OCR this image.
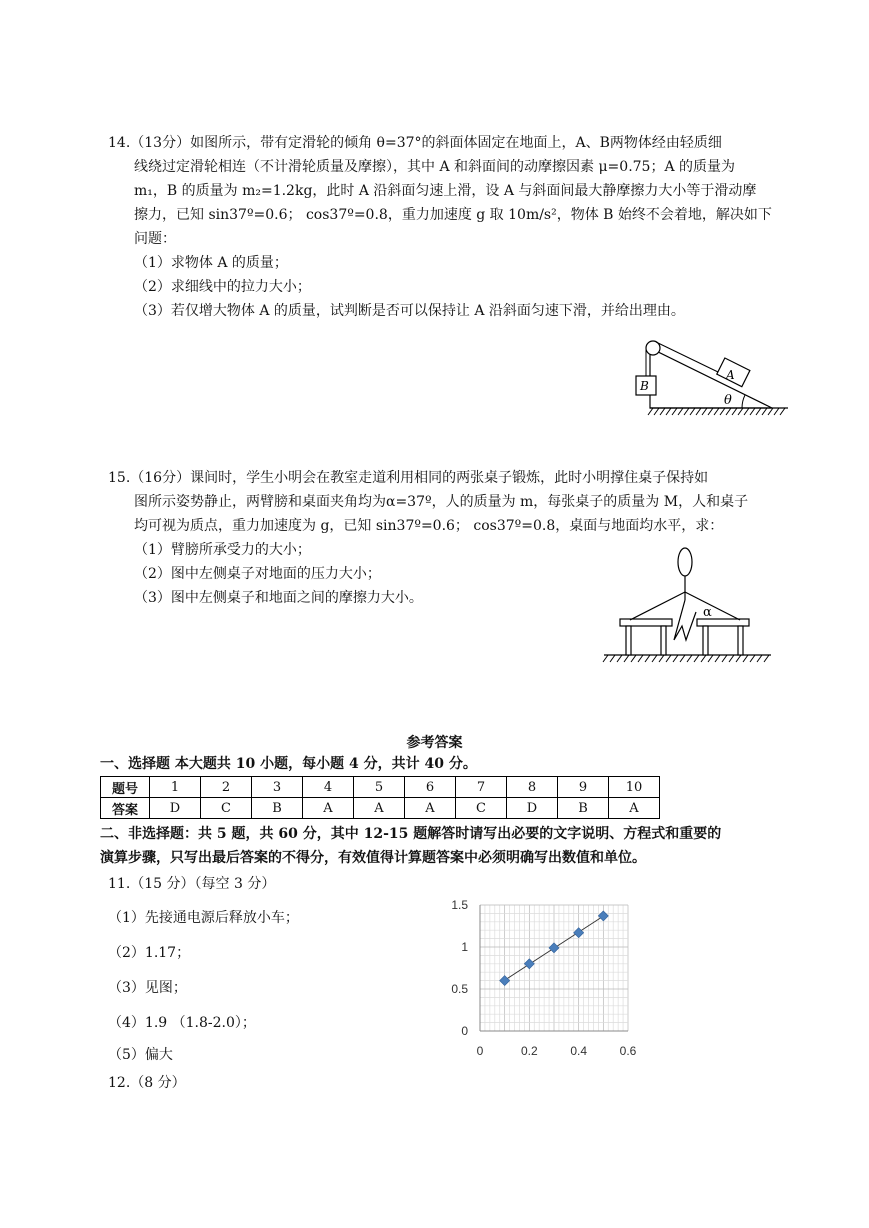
14.（13分）如图所示，带有定滑轮的倾角 θ=37°的斜面体固定在地面上，A、B两物体经由轻质细
线绕过定滑轮相连（不计滑轮质量及摩擦），其中 A 和斜面间的动摩擦因素 μ=0.75；A 的质量为
m₁，B 的质量为 m₂=1.2kg，此时 A 沿斜面匀速上滑，设 A 与斜面间最大静摩擦力大小等于滑动摩
擦力，已知 sin37º=0.6； cos37º=0.8，重力加速度 g 取 10m/s²，物体 B 始终不会着地，解决如下
问题：
（1）求物体 A 的质量；
（2）求细线中的拉力大小；
（3）若仅增大物体 A 的质量，试判断是否可以保持让 A 沿斜面匀速下滑，并给出理由。
B
A
θ
15.（16分）课间时，学生小明会在教室走道利用相同的两张桌子锻炼，此时小明撑住桌子保持如
图所示姿势静止，两臂膀和桌面夹角均为α=37º，人的质量为 m，每张桌子的质量为 M，人和桌子
均可视为质点，重力加速度为 g，已知 sin37º=0.6； cos37º=0.8，桌面与地面均水平，求：
（1）臂膀所承受力的大小；
（2）图中左侧桌子对地面的压力大小；
（3）图中左侧桌子和地面之间的摩擦力大小。
α
参考答案
一、选择题 本大题共 10 小题，每小题 4 分，共计 40 分。
题号	1	2	3	4	5	6	7	8	9	10
答案	D	C	B	A	A	A	C	D	B	A
二、非选择题：共 5 题，共 60 分，其中 12-15 题解答时请写出必要的文字说明、方程式和重要的
演算步骤，只写出最后答案的不得分，有效值得计算题答案中必须明确写出数值和单位。
11.（15 分）（每空 3 分）
（1）先接通电源后释放小车；
（2）1.17；
（3）见图；
（4）1.9 （1.8-2.0）；
（5）偏大
12.（8 分）
0	0.2	0.4	0.6
0
0.5
1
1.5
